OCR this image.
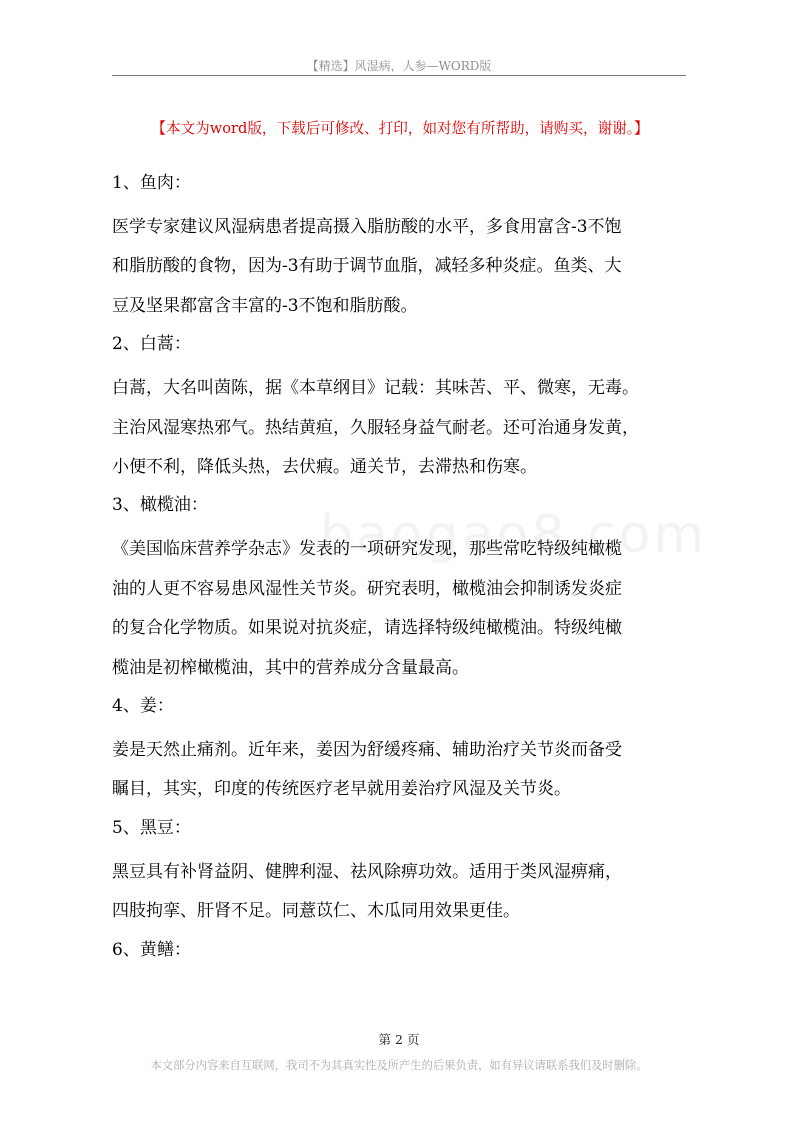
【精选】风湿病，人参—WORD版
【本文为word版，下载后可修改、打印，如对您有所帮助，请购买，谢谢。】
1、鱼肉：
医学专家建议风湿病患者提高摄入脂肪酸的水平，多食用富含-3不饱
和脂肪酸的食物，因为-3有助于调节血脂，减轻多种炎症。鱼类、大
豆及坚果都富含丰富的-3不饱和脂肪酸。
2、白蒿：
白蒿，大名叫茵陈，据《本草纲目》记载：其味苦、平、微寒，无毒。
主治风湿寒热邪气。热结黄疸，久服轻身益气耐老。还可治通身发黄，
小便不利，降低头热，去伏瘕。通关节，去滞热和伤寒。
3、橄榄油：
《美国临床营养学杂志》发表的一项研究发现，那些常吃特级纯橄榄
油的人更不容易患风湿性关节炎。研究表明，橄榄油会抑制诱发炎症
的复合化学物质。如果说对抗炎症，请选择特级纯橄榄油。特级纯橄
榄油是初榨橄榄油，其中的营养成分含量最高。
4、姜：
姜是天然止痛剂。近年来，姜因为舒缓疼痛、辅助治疗关节炎而备受
瞩目，其实，印度的传统医疗老早就用姜治疗风湿及关节炎。
5、黑豆：
黑豆具有补肾益阴、健脾利湿、祛风除痹功效。适用于类风湿痹痛，
四肢拘挛、肝肾不足。同薏苡仁、木瓜同用效果更佳。
6、黄鳝：
第 2 页
本文部分内容来自互联网，我司不为其真实性及所产生的后果负责，如有异议请联系我们及时删除。
